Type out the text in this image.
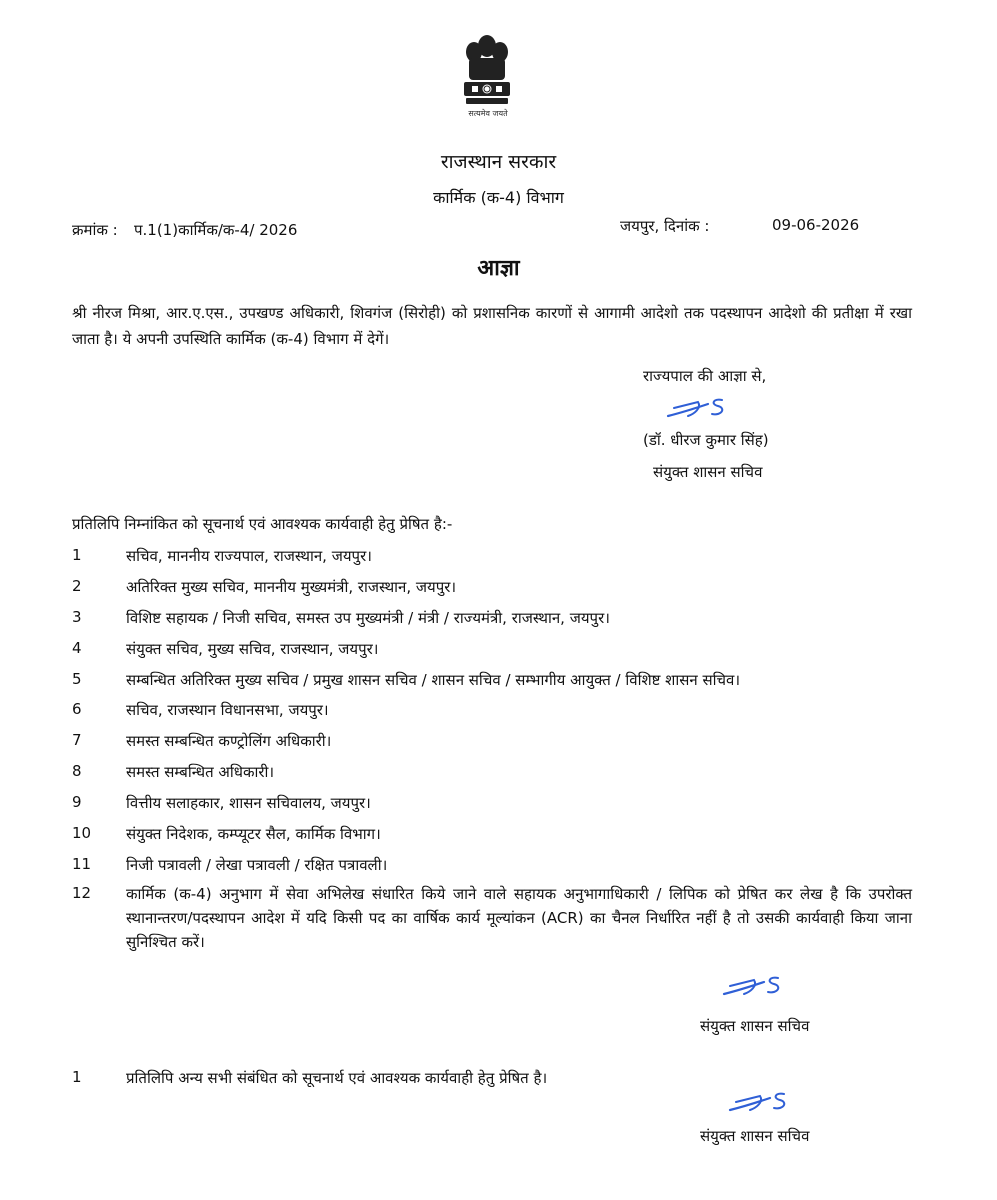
सत्यमेव जयते
राजस्थान सरकार
कार्मिक (क-4) विभाग
क्रमांक : प.1(1)कार्मिक/क-4/ 2026	जयपुर, दिनांक :	09-06-2026
आज्ञा
श्री नीरज मिश्रा, आर.ए.एस., उपखण्ड अधिकारी, शिवगंज (सिरोही) को प्रशासनिक कारणों से आगामी आदेशो तक पदस्थापन आदेशो की प्रतीक्षा में रखा जाता है। ये अपनी उपस्थिति कार्मिक (क-4) विभाग में देगें।
राज्यपाल की आज्ञा से,
(डॉ. धीरज कुमार सिंह)
संयुक्त शासन सचिव
प्रतिलिपि निम्नांकित को सूचनार्थ एवं आवश्यक कार्यवाही हेतु प्रेषित है:-
1	सचिव, माननीय राज्यपाल, राजस्थान, जयपुर।
2	अतिरिक्त मुख्य सचिव, माननीय मुख्यमंत्री, राजस्थान, जयपुर।
3	विशिष्ट सहायक / निजी सचिव, समस्त उप मुख्यमंत्री / मंत्री / राज्यमंत्री, राजस्थान, जयपुर।
4	संयुक्त सचिव, मुख्य सचिव, राजस्थान, जयपुर।
5	सम्बन्धित अतिरिक्त मुख्य सचिव / प्रमुख शासन सचिव / शासन सचिव / सम्भागीय आयुक्त / विशिष्ट शासन सचिव।
6	सचिव, राजस्थान विधानसभा, जयपुर।
7	समस्त सम्बन्धित कण्ट्रोलिंग अधिकारी।
8	समस्त सम्बन्धित अधिकारी।
9	वित्तीय सलाहकार, शासन सचिवालय, जयपुर।
10 संयुक्त निदेशक, कम्प्यूटर सैल, कार्मिक विभाग।
11 निजी पत्रावली / लेखा पत्रावली / रक्षित पत्रावली।
12 कार्मिक (क-4) अनुभाग में सेवा अभिलेख संधारित किये जाने वाले सहायक अनुभागाधिकारी / लिपिक को प्रेषित कर लेख है कि उपरोक्त स्थानान्तरण/पदस्थापन आदेश में यदि किसी पद का वार्षिक कार्य मूल्यांकन (ACR) का चैनल निर्धारित नहीं है तो उसकी कार्यवाही किया जाना सुनिश्चित करें।
संयुक्त शासन सचिव
1	प्रतिलिपि अन्य सभी संबंधित को सूचनार्थ एवं आवश्यक कार्यवाही हेतु प्रेषित है।
संयुक्त शासन सचिव
